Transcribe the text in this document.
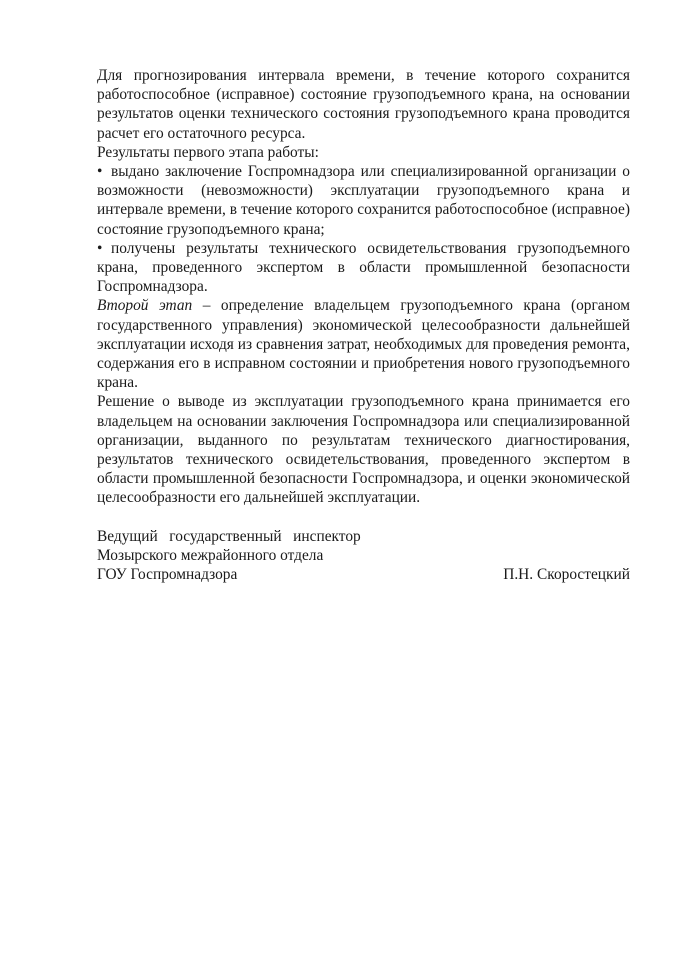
Для прогнозирования интервала времени, в течение которого сохранится работоспособное (исправное) состояние грузоподъемного крана, на основании результатов оценки технического состояния грузоподъемного крана проводится расчет его остаточного ресурса.

Результаты первого этапа работы:

• выдано заключение Госпромнадзора или специализированной организации о возможности (невозможности) эксплуатации грузоподъемного крана и интервале времени, в течение которого сохранится работоспособное (исправное) состояние грузоподъемного крана;

• получены результаты технического освидетельствования грузоподъемного крана, проведенного экспертом в области промышленной безопасности Госпромнадзора.

Второй этап – определение владельцем грузоподъемного крана (органом государственного управления) экономической целесообразности дальнейшей эксплуатации исходя из сравнения затрат, необходимых для проведения ремонта, содержания его в исправном состоянии и приобретения нового грузоподъемного крана.

Решение о выводе из эксплуатации грузоподъемного крана принимается его владельцем на основании заключения Госпромнадзора или специализированной организации, выданного по результатам технического диагностирования, результатов технического освидетельствования, проведенного экспертом в области промышленной безопасности Госпромнадзора, и оценки экономической целесообразности его дальнейшей эксплуатации.

Ведущий   государственный   инспектор

Мозырского межрайонного отдела

ГОУ Госпромнадзора	П.Н. Скоростецкий
